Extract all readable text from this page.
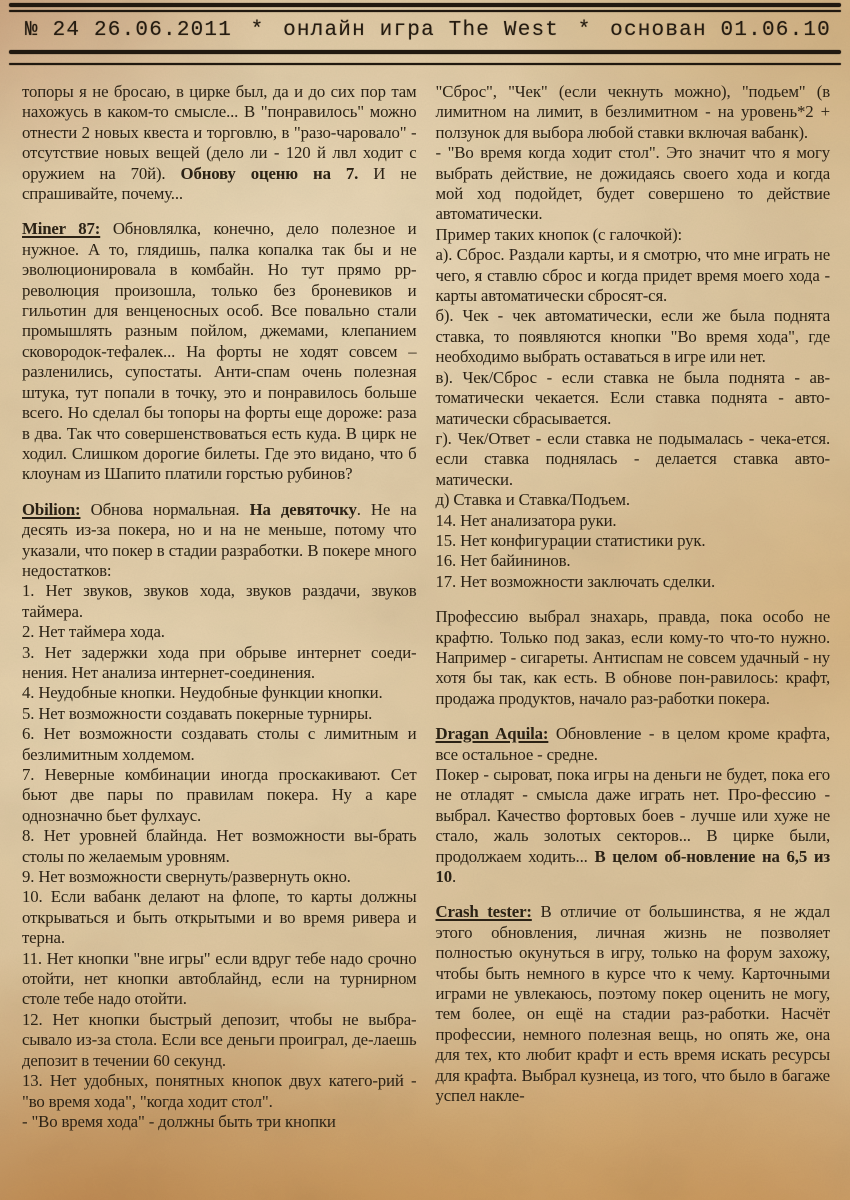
№ 24 26.06.2011 * онлайн игра The West * основан 01.06.10

топоры я не бросаю, в цирке был, да и до сих пор там нахожусь в каком-то смысле... В "понравилось" можно отнести 2 новых квеста и торговлю, в "разо-чаровало" - отсутствие новых вещей (дело ли - 120 й лвл ходит с оружием на 70й). Обнову оценю на 7. И не спрашивайте, почему...

Miner 87: Обновлялка, конечно, дело полезное и нужное. А то, глядишь, палка копалка так бы и не эволюционировала в комбайн. Но тут прямо рр-революция произошла, только без броневиков и гильотин для венценосных особ. Все повально стали промышлять разным пойлом, джемами, клепанием сковородок-тефалек... На форты не ходят совсем – разленились, супостаты. Анти-спам очень полезная штука, тут попали в точку, это и понравилось больше всего. Но сделал бы топоры на форты еще дороже: раза в два. Так что совершенствоваться есть куда. В цирк не ходил. Слишком дорогие билеты. Где это видано, что б клоунам из Шапито платили горстью рубинов?

Obilion: Обнова нормальная. На девяточку. Не на десять из-за покера, но и на не меньше, потому что указали, что покер в стадии разработки. В покере много недостатков:

1. Нет звуков, звуков хода, звуков раздачи, звуков таймера.

2. Нет таймера хода.

3. Нет задержки хода при обрыве интернет соеди-нения. Нет анализа интернет-соединения.

4. Неудобные кнопки. Неудобные функции кнопки.

5. Нет возможности создавать покерные турниры.

6. Нет возможности создавать столы с лимитным и безлимитным холдемом.

7. Неверные комбинации иногда проскакивают. Сет бьют две пары по правилам покера. Ну а каре однозначно бьет фулхаус.

8. Нет уровней блайнда. Нет возможности вы-брать столы по желаемым уровням.

9. Нет возможности свернуть/развернуть окно.

10. Если вабанк делают на флопе, то карты должны открываться и быть открытыми и во время ривера и терна.

11. Нет кнопки "вне игры" если вдруг тебе надо срочно отойти, нет кнопки автоблайнд, если на турнирном столе тебе надо отойти.

12. Нет кнопки быстрый депозит, чтобы не выбра-сывало из-за стола. Если все деньги проиграл, де-лаешь депозит в течении 60 секунд.

13. Нет удобных, понятных кнопок двух катего-рий - "во время хода", "когда ходит стол".

- "Во время хода" - должны быть три кнопки

"Сброс", "Чек" (если чекнуть можно), "подьем" (в лимитном на лимит, в безлимитном - на уровень*2 + ползунок для выбора любой ставки включая вабанк).

- "Во время когда ходит стол". Это значит что я могу выбрать действие, не дожидаясь своего хода и когда мой ход подойдет, будет совершено то действие автоматически.

Пример таких кнопок (с галочкой):

а). Сброс. Раздали карты, и я смотрю, что мне играть не чего, я ставлю сброс и когда придет время моего хода - карты автоматически сбросят-ся.

б). Чек - чек автоматически, если же была поднята ставка, то появляются кнопки "Во время хода", где необходимо выбрать оставаться в игре или нет.

в). Чек/Сброс - если ставка не была поднята - ав-томатически чекается. Если ставка поднята - авто-матически сбрасывается.

г). Чек/Ответ - если ставка не подымалась - чека-ется. если ставка поднялась - делается ставка авто-матически.

д) Ставка и Ставка/Подъем.

14. Нет анализатора руки.

15. Нет конфигурации статистики рук.

16. Нет байининов.

17. Нет возможности заключать сделки.

Профессию выбрал знахарь, правда, пока особо не крафтю. Только под заказ, если кому-то что-то нужно. Например - сигареты. Антиспам не совсем удачный - ну хотя бы так, как есть. В обнове пон-равилось: крафт, продажа продуктов, начало раз-работки покера.

Dragan Aquila: Обновление - в целом кроме крафта, все остальное - средне.

Покер - сыроват, пока игры на деньги не будет, пока его не отладят - смысла даже играть нет. Про-фессию - выбрал. Качество фортовых боев - лучше или хуже не стало, жаль золотых секторов... В цирке были, продолжаем ходить... В целом об-новление на 6,5 из 10.

Crash tester: В отличие от большинства, я не ждал этого обновления, личная жизнь не позволяет полностью окунуться в игру, только на форум захожу, чтобы быть немного в курсе что к чему. Карточными играми не увлекаюсь, поэтому покер оценить не могу, тем более, он ещё на стадии раз-работки. Насчёт профессии, немного полезная вещь, но опять же, она для тех, кто любит крафт и есть время искать ресурсы для крафта. Выбрал кузнеца, из того, что было в багаже успел накле-
